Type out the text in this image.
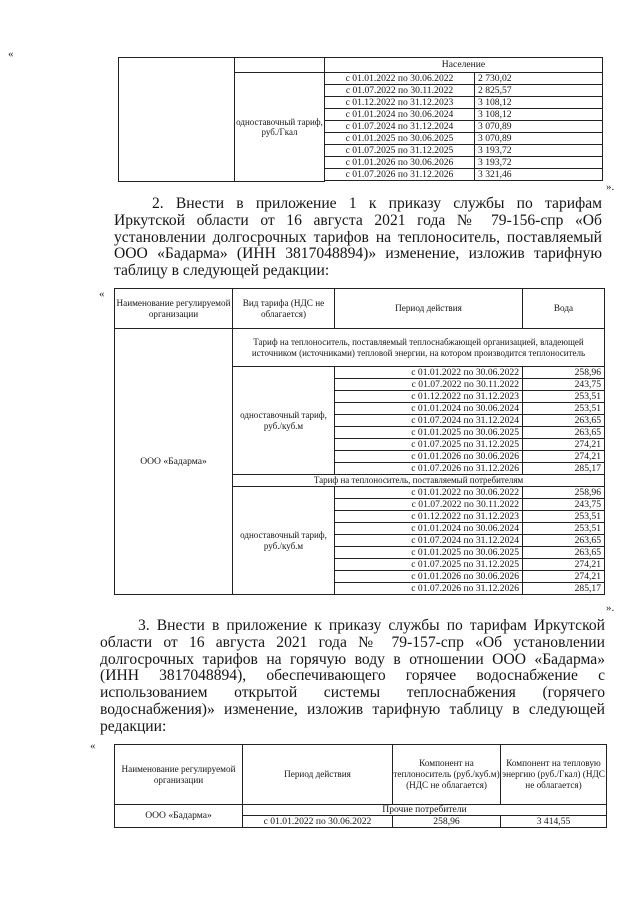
		Население	
	одноставочный тариф, руб./Гкал	с 01.01.2022 по 30.06.2022	2 730,02
		с 01.07.2022 по 30.11.2022	2 825,57
		с 01.12.2022 по 31.12.2023	3 108,12
		с 01.01.2024 по 30.06.2024	3 108,12
		с 01.07.2024 по 31.12.2024	3 070,89
		с 01.01.2025 по 30.06.2025	3 070,89
		с 01.07.2025 по 31.12.2025	3 193,72
		с 01.01.2026 по 30.06.2026	3 193,72
		с 01.07.2026 по 31.12.2026	3 321,46

«
».

2. Внести в приложение 1 к приказу службы по тарифам Иркутской области от 16 августа 2021 года № 79-156-спр «Об установлении долгосрочных тарифов на теплоноситель, поставляемый ООО «Бадарма» (ИНН 3817048894)» изменение, изложив тарифную таблицу в следующей редакции:

«
Наименование регулируемой организации	Вид тарифа (НДС не облагается)	Период действия	Вода
ООО «Бадарма»	Тариф на теплоноситель, поставляемый теплоснабжающей организацией, владеющей источником (источниками) тепловой энергии, на котором производится теплоноситель		
	одноставочный тариф, руб./куб.м	с 01.01.2022 по 30.06.2022	258,96
		с 01.07.2022 по 30.11.2022	243,75
		с 01.12.2022 по 31.12.2023	253,51
		с 01.01.2024 по 30.06.2024	253,51
		с 01.07.2024 по 31.12.2024	263,65
		с 01.01.2025 по 30.06.2025	263,65
		с 01.07.2025 по 31.12.2025	274,21
		с 01.01.2026 по 30.06.2026	274,21
		с 01.07.2026 по 31.12.2026	285,17
	Тариф на теплоноситель, поставляемый потребителям		
	одноставочный тариф, руб./куб.м	с 01.01.2022 по 30.06.2022	258,96
		с 01.07.2022 по 30.11.2022	243,75
		с 01.12.2022 по 31.12.2023	253,51
		с 01.01.2024 по 30.06.2024	253,51
		с 01.07.2024 по 31.12.2024	263,65
		с 01.01.2025 по 30.06.2025	263,65
		с 01.07.2025 по 31.12.2025	274,21
		с 01.01.2026 по 30.06.2026	274,21
		с 01.07.2026 по 31.12.2026	285,17
».

3. Внести в приложение к приказу службы по тарифам Иркутской области от 16 августа 2021 года № 79-157-спр «Об установлении долгосрочных тарифов на горячую воду в отношении ООО «Бадарма» (ИНН 3817048894), обеспечивающего горячее водоснабжение с использованием открытой системы теплоснабжения (горячего водоснабжения)» изменение, изложив тарифную таблицу в следующей редакции:

«
Наименование регулируемой организации	Период действия	Компонент на теплоноситель (руб./куб.м) (НДС не облагается)	Компонент на тепловую энергию (руб./Гкал) (НДС не облагается)
ООО «Бадарма»	Прочие потребители		
	с 01.01.2022 по 30.06.2022	258,96	3 414,55
